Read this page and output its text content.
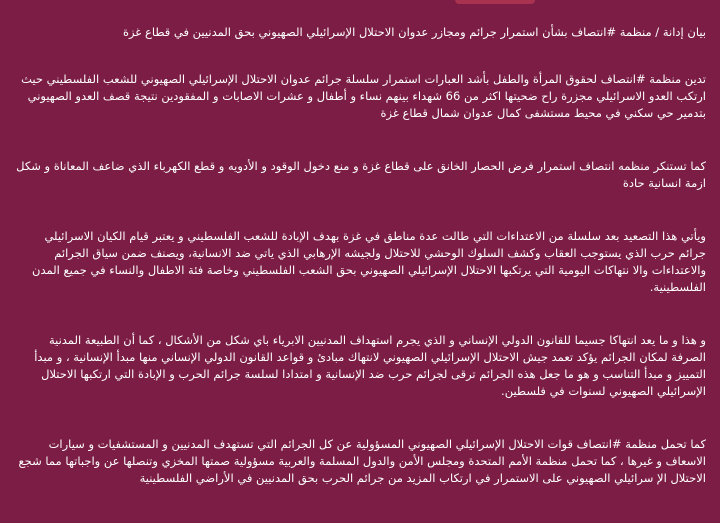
بيان إدانة / منظمة #انتصاف بشأن استمرار جرائم ومجازر عدوان الاحتلال الإسرائيلي الصهيوني بحق المدنيين في قطاع غزة

تدين منظمة #انتصاف لحقوق المرأة والطفل بأشد العبارات استمرار سلسلة جرائم عدوان الاحتلال الإسرائيلي الصهيوني للشعب الفلسطيني حيث ارتكب العدو الاسرائيلي مجزرة راح ضحيتها اكثر من 66 شهداء بينهم نساء و أطفال و عشرات الاصابات و المفقودين نتيجة قصف العدو الصهيوني بتدمير حي سكني في محيط مستشفى كمال عدوان شمال قطاع غزة

كما تستنكر منظمه انتصاف استمرار فرض الحصار الخانق على قطاع غزة و منع دخول الوقود و الأدويه و قطع الكهرباء الذي ضاعف المعاناة و شكل ازمة انسانية حادة

ويأتي هذا التصعيد بعد سلسلة من الاعتداءات التي طالت عدة مناطق في غزة بهدف الإبادة للشعب الفلسطيني و يعتبر قيام الكيان الاسرائيلي جرائم حرب الذي يستوجب العقاب وكشف السلوك الوحشي للاحتلال ولجيشه الإرهابي الذي ياتي ضد الانسانية، ويصنف ضمن سياق الجرائم والاعتداءات والا نتهاكات اليومية التي يرتكبها الاحتلال الإسرائيلي الصهيوني بحق الشعب الفلسطيني وخاصة فئة الاطفال والنساء في جميع المدن الفلسطينية.

و هذا و ما يعد انتهاكا جسيما للقانون الدولي الإنساني و الذي يجرم استهداف المدنيين الابرياء باي شكل من الأشكال ، كما أن الطبيعة المدنية الصرفة لمكان الجرائم يؤكد تعمد جيش الاحتلال الإسرائيلي الصهيوني لانتهاك مبادئ و قواعد القانون الدولي الإنساني منها مبدأ الإنسانية ، و مبدأ التمييز و مبدأ التناسب و هو ما جعل هذه الجرائم ترقى لجرائم حرب ضد الإنسانية و امتدادا لسلسة جرائم الحرب و الإبادة التي ارتكبها الاحتلال الإسرائيلي الصهيوني لسنوات في فلسطين.

كما تحمل منظمة #انتصاف قوات الاحتلال الإسرائيلي الصهيوني المسؤولية عن كل الجرائم التي تستهدف المدنيين و المستشفيات و سيارات الاسعاف و غيرها ، كما تحمل منظمة الأمم المتحدة ومجلس الأمن والدول المسلمة والعربية مسؤولية صمتها المخزي وتنصلها عن واجباتها مما شجع الاحتلال الإ سرائيلي الصهيوني على الاستمرار في ارتكاب المزيد من جرائم الحرب بحق المدنيين في الأراضي الفلسطينية
